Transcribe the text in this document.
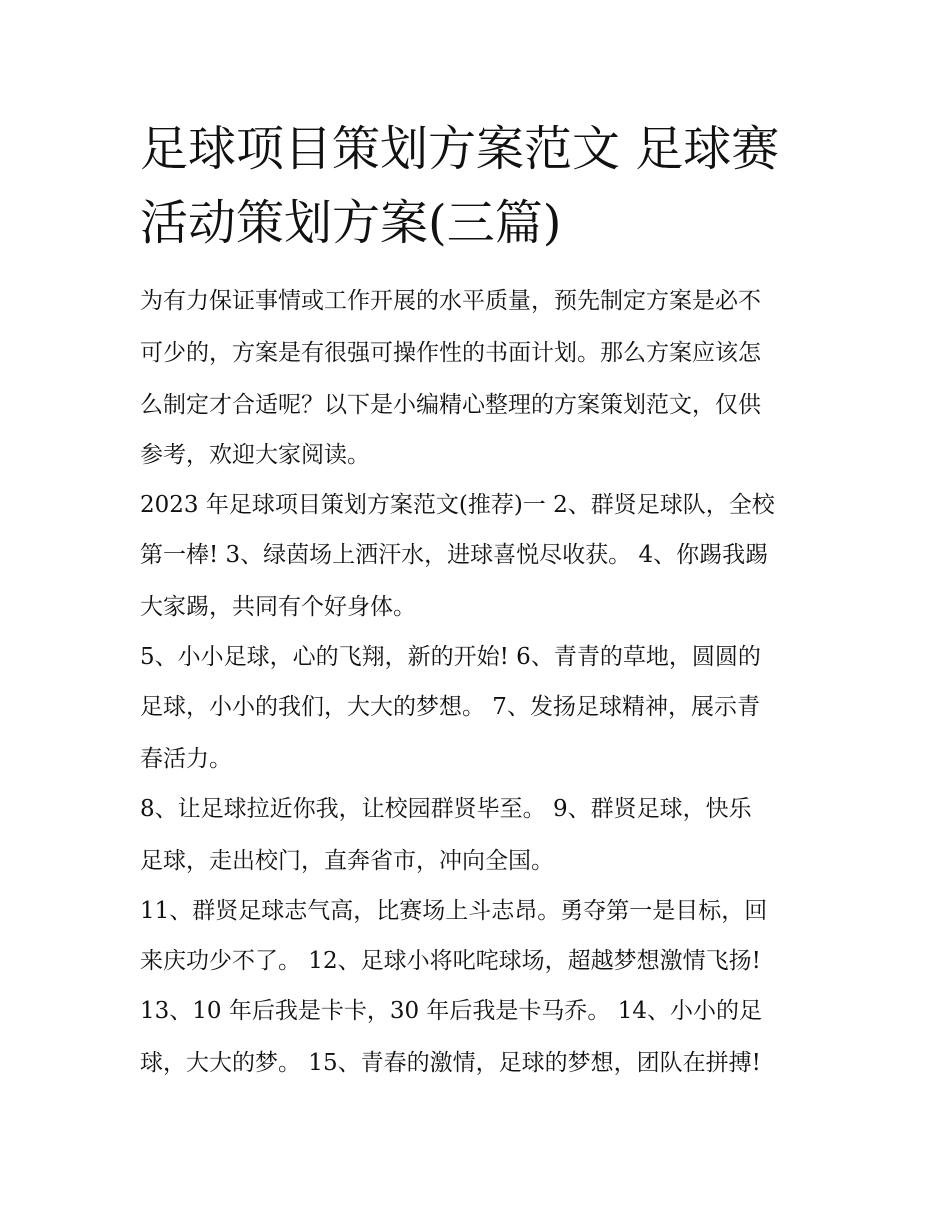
足球项目策划方案范文 足球赛
活动策划方案(三篇)

为有力保证事情或工作开展的水平质量，预先制定方案是必不

可少的，方案是有很强可操作性的书面计划。那么方案应该怎

么制定才合适呢？以下是小编精心整理的方案策划范文，仅供

参考，欢迎大家阅读。

2023 年足球项目策划方案范文(推荐)一 2、群贤足球队，全校

第一棒! 3、绿茵场上洒汗水，进球喜悦尽收获。 4、你踢我踢

大家踢，共同有个好身体。

5、小小足球，心的飞翔，新的开始! 6、青青的草地，圆圆的

足球，小小的我们，大大的梦想。 7、发扬足球精神，展示青

春活力。

8、让足球拉近你我，让校园群贤毕至。 9、群贤足球，快乐

足球，走出校门，直奔省市，冲向全国。

11、群贤足球志气高，比赛场上斗志昂。勇夺第一是目标，回

来庆功少不了。 12、足球小将叱咤球场，超越梦想激情飞扬!

13、10 年后我是卡卡，30 年后我是卡马乔。 14、小小的足

球，大大的梦。 15、青春的激情，足球的梦想，团队在拼搏!
